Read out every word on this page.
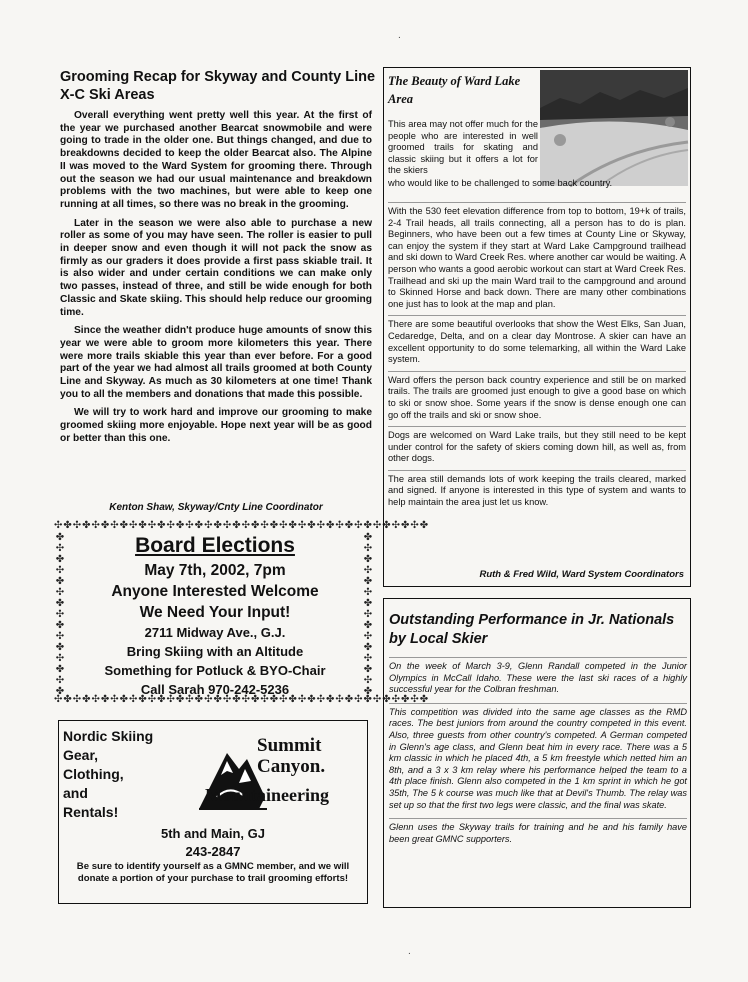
Grooming Recap for Skyway and County Line X-C Ski Areas

Overall everything went pretty well this year. At the first of the year we purchased another Bearcat snowmobile and were going to trade in the older one. But things changed, and due to breakdowns decided to keep the older Bearcat also. The Alpine II was moved to the Ward System for grooming there. Through out the season we had our usual maintenance and breakdown problems with the two machines, but were able to keep one running at all times, so there was no break in the grooming.

Later in the season we were also able to purchase a new roller as some of you may have seen. The roller is easier to pull in deeper snow and even though it will not pack the snow as firmly as our graders it does provide a first pass skiable trail. It is also wider and under certain conditions we can make only two passes, instead of three, and still be wide enough for both Classic and Skate skiing. This should help reduce our grooming time.

Since the weather didn't produce huge amounts of snow this year we were able to groom more kilometers this year. There were more trails skiable this year than ever before. For a good part of the year we had almost all trails groomed at both County Line and Skyway. As much as 30 kilometers at one time! Thank you to all the members and donations that made this possible.

We will try to work hard and improve our grooming to make groomed skiing more enjoyable. Hope next year will be as good or better than this one.

Kenton Shaw, Skyway/Cnty Line Coordinator
✣✤✣✤✣✤✣✤✣✤✣✤✣✤✣✤✣✤✣✤✣✤✣✤✣✤✣✤✣✤✣✤✣✤✣✤✣✤✣✤
✣✤✣✤✣✤✣✤✣✤✣✤✣✤✣✤✣✤✣✤✣✤✣✤✣✤✣✤✣✤✣✤✣✤✣✤✣✤✣✤
✤ ✣ ✤ ✣ ✤ ✣ ✤ ✣ ✤ ✣ ✤ ✣ ✤ ✣ ✤
✤ ✣ ✤ ✣ ✤ ✣ ✤ ✣ ✤ ✣ ✤ ✣ ✤ ✣ ✤
Board Elections
May 7th, 2002, 7pm
Anyone Interested Welcome
We Need Your Input!
2711 Midway Ave., G.J.
Bring Skiing with an Altitude
Something for Potluck & BYO-Chair
Call Sarah 970-242-5236
Nordic Skiing
Gear,
Clothing,
and
Rentals!
Summit
Canyon.
Mountaineering
5th and Main, GJ
243-2847
Be sure to identify yourself as a GMNC member, and we will donate a portion of your purchase to trail grooming efforts!
The Beauty of Ward Lake Area
This area may not offer much for the people who are interested in well groomed trails for skating and classic skiing but it offers a lot for the skiers
who would like to be challenged to some back country.

With the 530 feet elevation difference from top to bottom, 19+k of trails, 2-4 Trail heads, all trails connecting, all a person has to do is plan. Beginners, who have been out a few times at County Line or Skyway, can enjoy the system if they start at Ward Lake Campground trailhead and ski down to Ward Creek Res. where another car would be waiting. A person who wants a good aerobic workout can start at Ward Creek Res. Trailhead and ski up the main Ward trail to the campground and around to Skinned Horse and back down. There are many other combinations one just has to look at the map and plan.

There are some beautiful overlooks that show the West Elks, San Juan, Cedaredge, Delta, and on a clear day Montrose. A skier can have an excellent opportunity to do some telemarking, all within the Ward Lake system.

Ward offers the person back country experience and still be on marked trails. The trails are groomed just enough to give a good base on which to ski or snow shoe. Some years if the snow is dense enough one can go off the trails and ski or snow shoe.

Dogs are welcomed on Ward Lake trails, but they still need to be kept under control for the safety of skiers coming down hill, as well as, from other dogs.

The area still demands lots of work keeping the trails cleared, marked and signed. If anyone is interested in this type of system and wants to help maintain the area just let us know.

Ruth & Fred Wild, Ward System Coordinators
Outstanding Performance in Jr. Nationals by Local Skier

On the week of March 3-9, Glenn Randall competed in the Junior Olympics in McCall Idaho. These were the last ski races of a highly successful year for the Colbran freshman.

This competition was divided into the same age classes as the RMD races. The best juniors from around the country competed in this event. Also, three guests from other country's competed. A German competed in Glenn's age class, and Glenn beat him in every race. There was a 5 km classic in which he placed 4th, a 5 km freestyle which netted him an 8th, and a 3 x 3 km relay where his performance helped the team to a 4th place finish. Glenn also competed in the 1 km sprint in which he got 35th, The 5 k course was much like that at Devil's Thumb. The relay was set up so that the first two legs were classic, and the final was skate.

Glenn uses the Skyway trails for training and he and his family have been great GMNC supporters.

.
.
